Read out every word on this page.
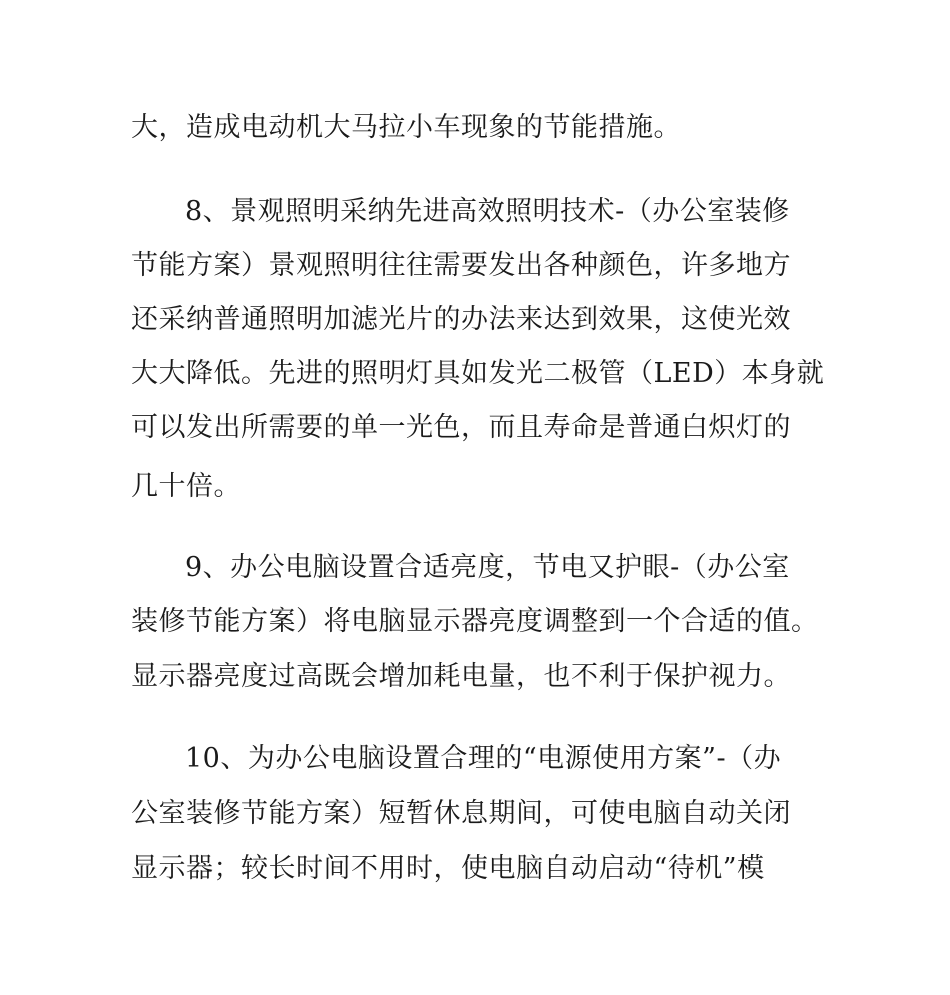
大，造成电动机大马拉小车现象的节能措施。
8、景观照明采纳先进高效照明技术-（办公室装修
节能方案）景观照明往往需要发出各种颜色，许多地方
还采纳普通照明加滤光片的办法来达到效果，这使光效
大大降低。先进的照明灯具如发光二极管（LED）本身就
可以发出所需要的单一光色，而且寿命是普通白炽灯的
几十倍。
9、办公电脑设置合适亮度，节电又护眼-（办公室
装修节能方案）将电脑显示器亮度调整到一个合适的值。
显示器亮度过高既会增加耗电量，也不利于保护视力。
10、为办公电脑设置合理的“电源使用方案”-（办
公室装修节能方案）短暂休息期间，可使电脑自动关闭
显示器；较长时间不用时，使电脑自动启动“待机”模
